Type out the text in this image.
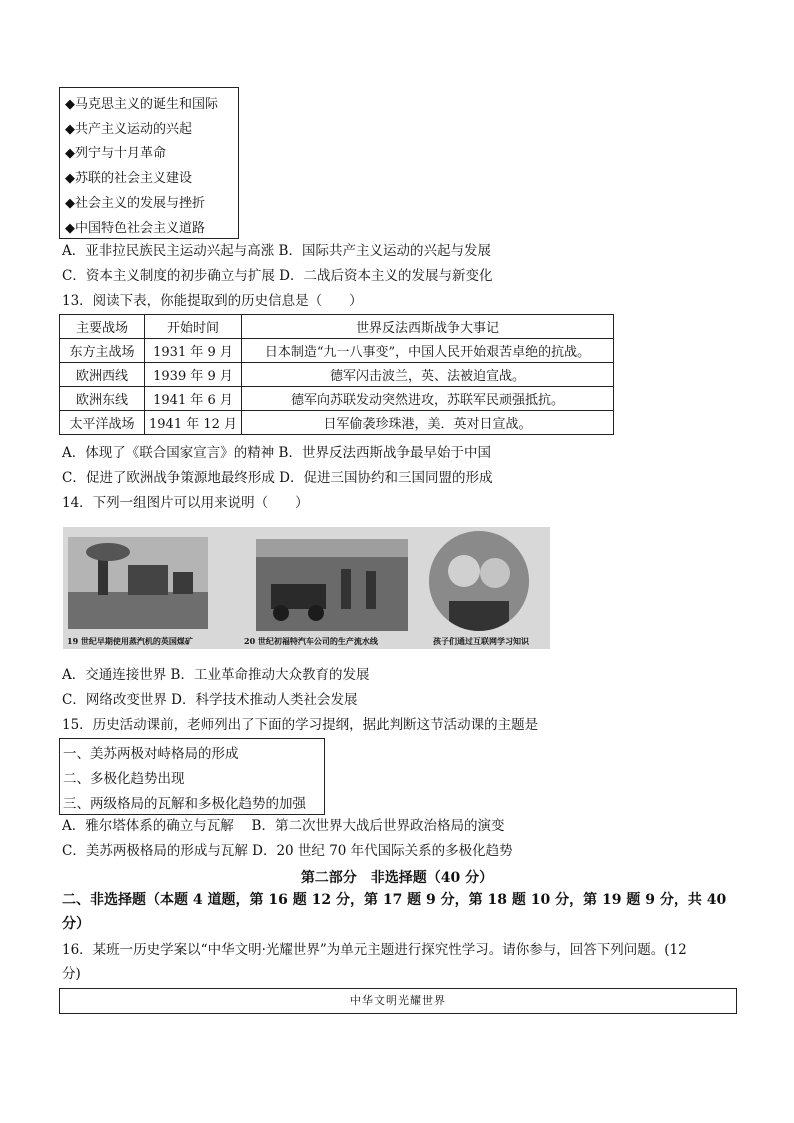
◆马克思主义的诞生和国际
◆共产主义运动的兴起
◆列宁与十月革命
◆苏联的社会主义建设
◆社会主义的发展与挫折
◆中国特色社会主义道路
A．亚非拉民族民主运动兴起与高涨 B．国际共产主义运动的兴起与发展
C．资本主义制度的初步确立与扩展 D．二战后资本主义的发展与新变化
13．阅读下表，你能提取到的历史信息是（　　）
主要战场	开始时间	世界反法西斯战争大事记
东方主战场	1931 年 9 月	日本制造“九一八事变”，中国人民开始艰苦卓绝的抗战。
欧洲西线	1939 年 9 月	德军闪击波兰，英、法被迫宣战。
欧洲东线	1941 年 6 月	德军向苏联发动突然进攻，苏联军民顽强抵抗。
太平洋战场	1941 年 12 月	日军偷袭珍珠港，美．英对日宣战。
A．体现了《联合国家宣言》的精神 B．世界反法西斯战争最早始于中国
C．促进了欧洲战争策源地最终形成 D．促进三国协约和三国同盟的形成
14．下列一组图片可以用来说明（　　）
19 世纪早期使用蒸汽机的英国煤矿	20 世纪初福特汽车公司的生产流水线	孩子们通过互联网学习知识
A．交通连接世界 B．工业革命推动大众教育的发展
C．网络改变世界 D．科学技术推动人类社会发展
15．历史活动课前，老师列出了下面的学习提纲，据此判断这节活动课的主题是
一、美苏两极对峙格局的形成
二、多极化趋势出现
三、两级格局的瓦解和多极化趋势的加强
A．雅尔塔体系的确立与瓦解　 B．第二次世界大战后世界政治格局的演变
C．美苏两极格局的形成与瓦解 D．20 世纪 70 年代国际关系的多极化趋势
第二部分　非选择题（40 分）
二、非选择题（本题 4 道题，第 16 题 12 分，第 17 题 9 分，第 18 题 10 分，第 19 题 9 分，共 40
分）
16．某班一历史学案以“中华文明·光耀世界”为单元主题进行探究性学习。请你参与，回答下列问题。(12
分)
中华文明光耀世界
